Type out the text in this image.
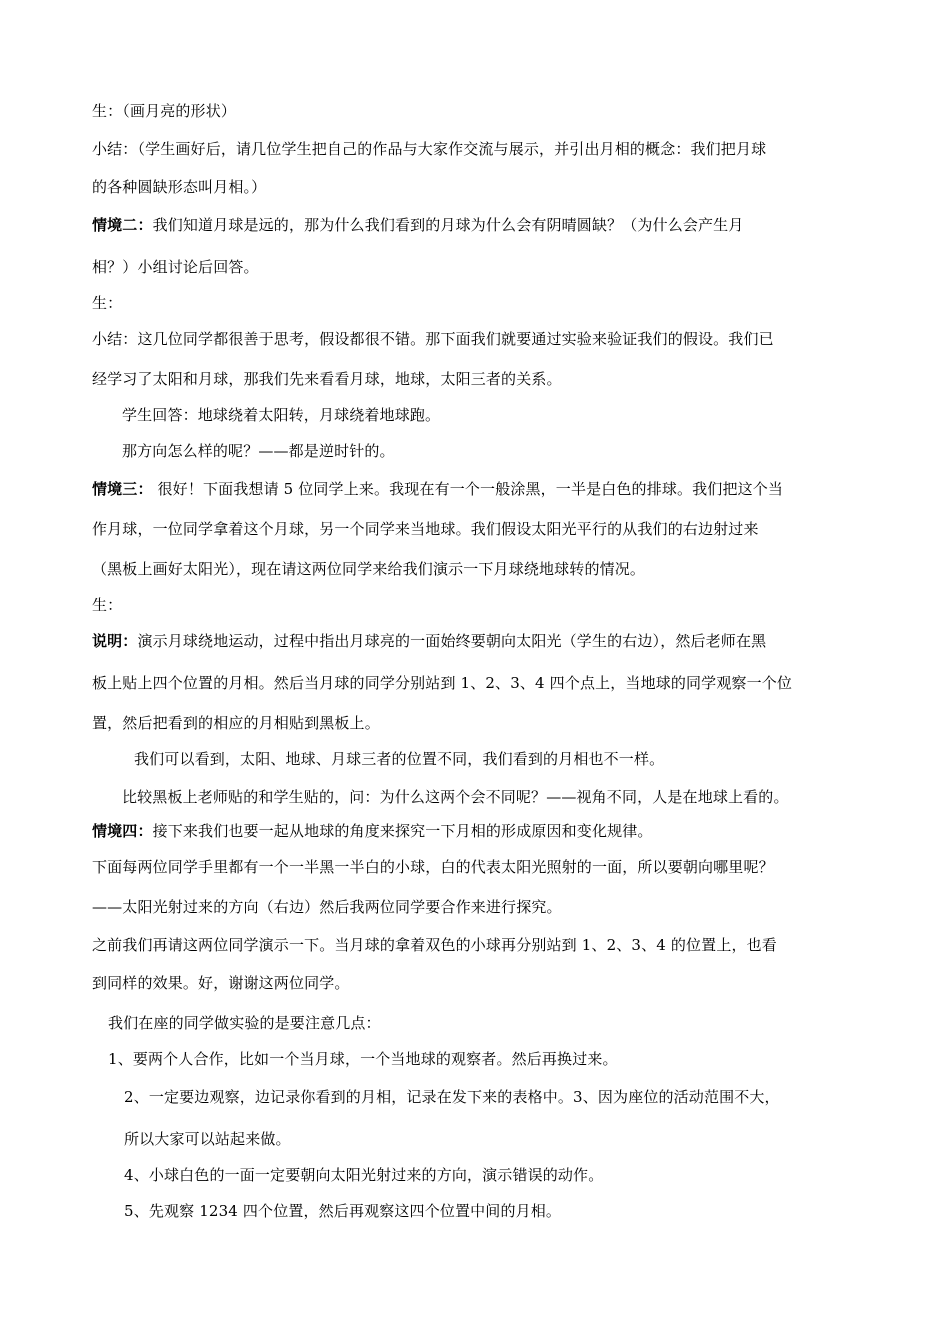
生：（画月亮的形状）
小结：（学生画好后，请几位学生把自己的作品与大家作交流与展示，并引出月相的概念：我们把月球
的各种圆缺形态叫月相。）
情境二：我们知道月球是远的，那为什么我们看到的月球为什么会有阴晴圆缺？（为什么会产生月
相？）小组讨论后回答。
生：
小结：这几位同学都很善于思考，假设都很不错。那下面我们就要通过实验来验证我们的假设。我们已
经学习了太阳和月球，那我们先来看看月球，地球，太阳三者的关系。
学生回答：地球绕着太阳转，月球绕着地球跑。
那方向怎么样的呢？——都是逆时针的。
情境三： 很好！下面我想请 5 位同学上来。我现在有一个一般涂黑，一半是白色的排球。我们把这个当
作月球，一位同学拿着这个月球，另一个同学来当地球。我们假设太阳光平行的从我们的右边射过来
（黑板上画好太阳光），现在请这两位同学来给我们演示一下月球绕地球转的情况。
生：
说明：演示月球绕地运动，过程中指出月球亮的一面始终要朝向太阳光（学生的右边），然后老师在黑
板上贴上四个位置的月相。然后当月球的同学分别站到 1、2、3、4 四个点上，当地球的同学观察一个位
置，然后把看到的相应的月相贴到黑板上。
我们可以看到，太阳、地球、月球三者的位置不同，我们看到的月相也不一样。
比较黑板上老师贴的和学生贴的，问：为什么这两个会不同呢？——视角不同，人是在地球上看的。
情境四：接下来我们也要一起从地球的角度来探究一下月相的形成原因和变化规律。
下面每两位同学手里都有一个一半黑一半白的小球，白的代表太阳光照射的一面，所以要朝向哪里呢？
——太阳光射过来的方向（右边）然后我两位同学要合作来进行探究。
之前我们再请这两位同学演示一下。当月球的拿着双色的小球再分别站到 1、2、3、4 的位置上，也看
到同样的效果。好，谢谢这两位同学。
我们在座的同学做实验的是要注意几点：
1、要两个人合作，比如一个当月球，一个当地球的观察者。然后再换过来。
2、一定要边观察，边记录你看到的月相，记录在发下来的表格中。3、因为座位的活动范围不大，
所以大家可以站起来做。
4、小球白色的一面一定要朝向太阳光射过来的方向，演示错误的动作。
5、先观察 1234 四个位置，然后再观察这四个位置中间的月相。
